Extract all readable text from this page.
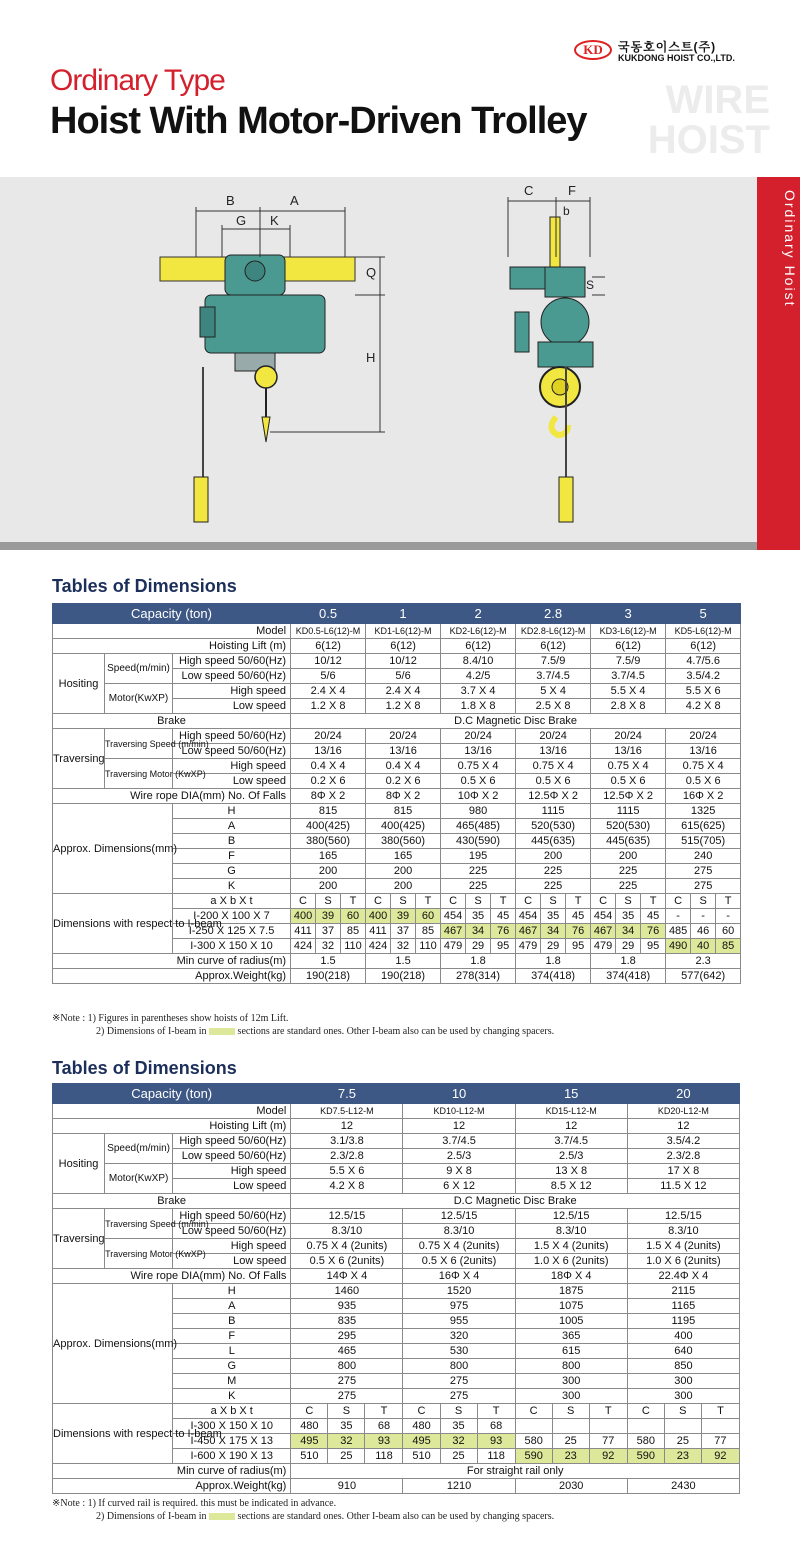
KD	국동호이스트(주)
KUKDONG HOIST CO.,LTD.
WIRE
HOIST
Ordinary Type
Hoist With Motor-Driven Trolley
B	A
G K
Q
H
C	F
b
S	Ordinary Hoist
Tables of Dimensions
Capacity (ton)			0.5			1			2			2.8			3			5		
Model			KD0.5-L6(12)-M			KD1-L6(12)-M			KD2-L6(12)-M			KD2.8-L6(12)-M			KD3-L6(12)-M			KD5-L6(12)-M		
Hoisting Lift (m)			6(12)			6(12)			6(12)			6(12)			6(12)			6(12)		
Hositing	Speed(m/min)	High speed 50/60(Hz)	10/12			10/12			8.4/10			7.5/9			7.5/9			4.7/5.6		
		Low speed 50/60(Hz)	5/6			5/6			4.2/5			3.7/4.5			3.7/4.5			3.5/4.2		
	Motor(KwXP)	High speed	2.4 X 4			2.4 X 4			3.7 X 4			5 X 4			5.5 X 4			5.5 X 6		
		Low speed	1.2 X 8			1.2 X 8			1.8 X 8			2.5 X 8			2.8 X 8			4.2 X 8		
Brake			D.C Magnetic Disc Brake																	
Traversing	Traversing Speed (m/min)	High speed 50/60(Hz)	20/24			20/24			20/24			20/24			20/24			20/24		
		Low speed 50/60(Hz)	13/16			13/16			13/16			13/16			13/16			13/16		
	Traversing Motor (KwXP)	High speed	0.4 X 4			0.4 X 4			0.75 X 4			0.75 X 4			0.75 X 4			0.75 X 4		
		Low speed	0.2 X 6			0.2 X 6			0.5 X 6			0.5 X 6			0.5 X 6			0.5 X 6		
Wire rope DIA(mm) No. Of Falls			8Φ X 2			8Φ X 2			10Φ X 2			12.5Φ X 2			12.5Φ X 2			16Φ X 2		
Approx. Dimensions(mm)		H	815			815			980			1115			1115			1325		
		A	400(425)			400(425)			465(485)			520(530)			520(530)			615(625)		
		B	380(560)			380(560)			430(590)			445(635)			445(635)			515(705)		
		F	165			165			195			200			200			240		
		G	200			200			225			225			225			275		
		K	200			200			225			225			225			275		
Dimensions with respect to I-beam		a X b X t	C	S	T	C	S	T	C	S	T	C	S	T	C	S	T	C	S	T
		I-200 X 100 X 7	400	39	60	400	39	60	454	35	45	454	35	45	454	35	45	-	-	-
		I-250 X 125 X 7.5	411	37	85	411	37	85	467	34	76	467	34	76	467	34	76	485	46	60
		I-300 X 150 X 10	424	32	110	424	32	110	479	29	95	479	29	95	479	29	95	490	40	85
Min curve of radius(m)			1.5			1.5			1.8			1.8			1.8			2.3		
Approx.Weight(kg)			190(218)			190(218)			278(314)			374(418)			374(418)			577(642)		
※Note : 1) Figures in parentheses show hoists of 12m Lift.
2) Dimensions of I-beam in	sections are standard ones. Other I-beam also can be used by changing spacers.
Tables of Dimensions
Capacity (ton)			7.5			10			15			20		
Model			KD7.5-L12-M			KD10-L12-M			KD15-L12-M			KD20-L12-M		
Hoisting Lift (m)			12			12			12			12		
Hositing	Speed(m/min)	High speed 50/60(Hz)	3.1/3.8			3.7/4.5			3.7/4.5			3.5/4.2		
		Low speed 50/60(Hz)	2.3/2.8			2.5/3			2.5/3			2.3/2.8		
	Motor(KwXP)	High speed	5.5 X 6			9 X 8			13 X 8			17 X 8		
		Low speed	4.2 X 8			6 X 12			8.5 X 12			11.5 X 12		
Brake			D.C Magnetic Disc Brake											
Traversing	Traversing Speed (m/min)	High speed 50/60(Hz)	12.5/15			12.5/15			12.5/15			12.5/15		
		Low speed 50/60(Hz)	8.3/10			8.3/10			8.3/10			8.3/10		
	Traversing Motor (KwXP)	High speed	0.75 X 4 (2units)			0.75 X 4 (2units)			1.5 X 4 (2units)			1.5 X 4 (2units)		
		Low speed	0.5 X 6 (2units)			0.5 X 6 (2units)			1.0 X 6 (2units)			1.0 X 6 (2units)		
Wire rope DIA(mm) No. Of Falls			14Φ X 4			16Φ X 4			18Φ X 4			22.4Φ X 4		
Approx. Dimensions(mm)		H	1460			1520			1875			2115		
		A	935			975			1075			1165		
		B	835			955			1005			1195		
		F	295			320			365			400		
		L	465			530			615			640		
		G	800			800			800			850		
		M	275			275			300			300		
		K	275			275			300			300		
Dimensions with respect to I-beam		a X b X t	C	S	T	C	S	T	C	S	T	C	S	T
		I-300 X 150 X 10	480	35	68	480	35	68						
		I-450 X 175 X 13	495	32	93	495	32	93	580	25	77	580	25	77
		I-600 X 190 X 13	510	25	118	510	25	118	590	23	92	590	23	92
Min curve of radius(m)			For straight rail only											
Approx.Weight(kg)			910			1210			2030			2430		
※Note : 1) If curved rail is required. this must be indicated in advance.
2) Dimensions of I-beam in	sections are standard ones. Other I-beam also can be used by changing spacers.
